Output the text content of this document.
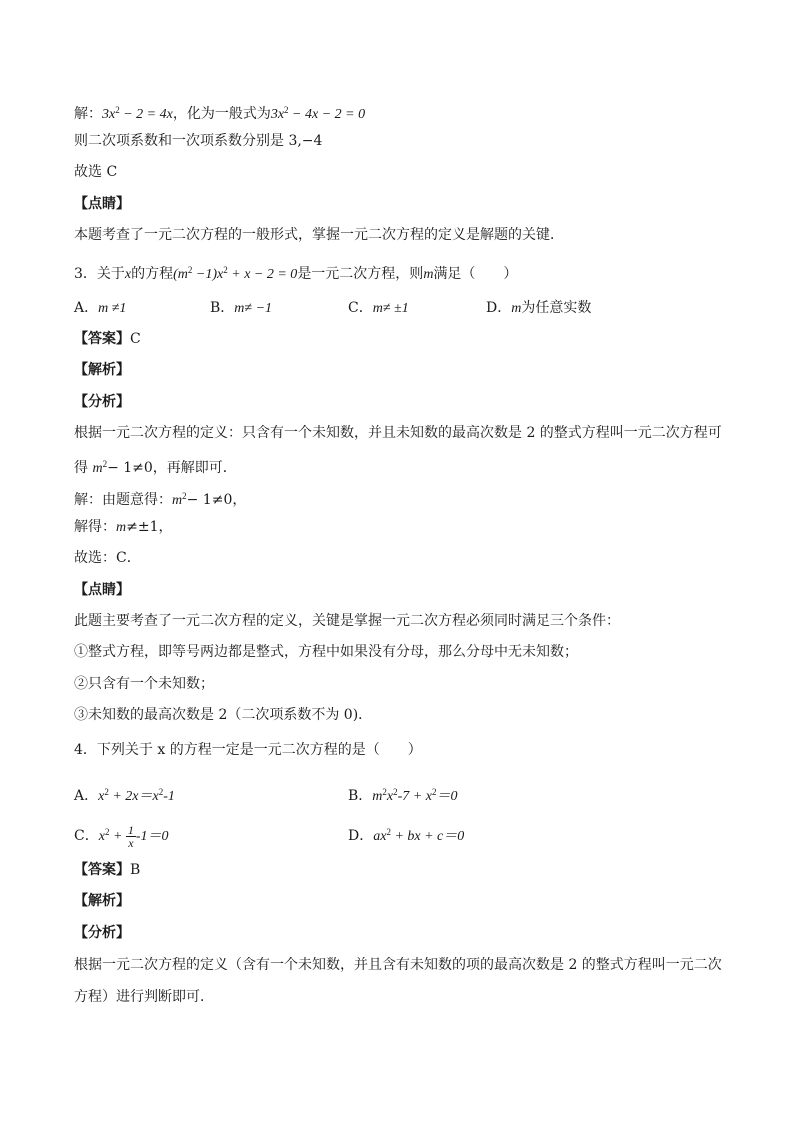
解：$3x^2 - 2 = 4x$，化为一般式为$3x^2 - 4x - 2 = 0$
则二次项系数和一次项系数分别是 3,−4
故选 C
【点睛】
本题考查了一元二次方程的一般形式，掌握一元二次方程的定义是解题的关键．
3．关于x的方程$(m^2 -1)x^2 + x - 2 = 0$是一元二次方程，则m满足（　　）
A．m ≠1	B．m≠ −1	C．m≠ ±1	D．m为任意实数
【答案】C
【解析】
【分析】
根据一元二次方程的定义：只含有一个未知数，并且未知数的最高次数是 2 的整式方程叫一元二次方程可
得 $m^2- 1\ne 0$，再解即可．
解：由题意得：$m^2- 1\ne 0$，
解得：m≠±1，
故选：C．
【点睛】
此题主要考查了一元二次方程的定义，关键是掌握一元二次方程必须同时满足三个条件：
①整式方程，即等号两边都是整式，方程中如果没有分母，那么分母中无未知数；
②只含有一个未知数；
③未知数的最高次数是 2（二次项系数不为 0)．
4．下列关于 x 的方程一定是一元二次方程的是（　　）
A．$x^2 + 2x=x^2-1$	B．$m^2x^2-7 + x^2=0$
C．$x^2 + \frac{1}{x} -1=0$	D．$ax^2$ + bx + c＝0
【答案】B
【解析】
【分析】
根据一元二次方程的定义（含有一个未知数，并且含有未知数的项的最高次数是 2 的整式方程叫一元二次
方程）进行判断即可．
